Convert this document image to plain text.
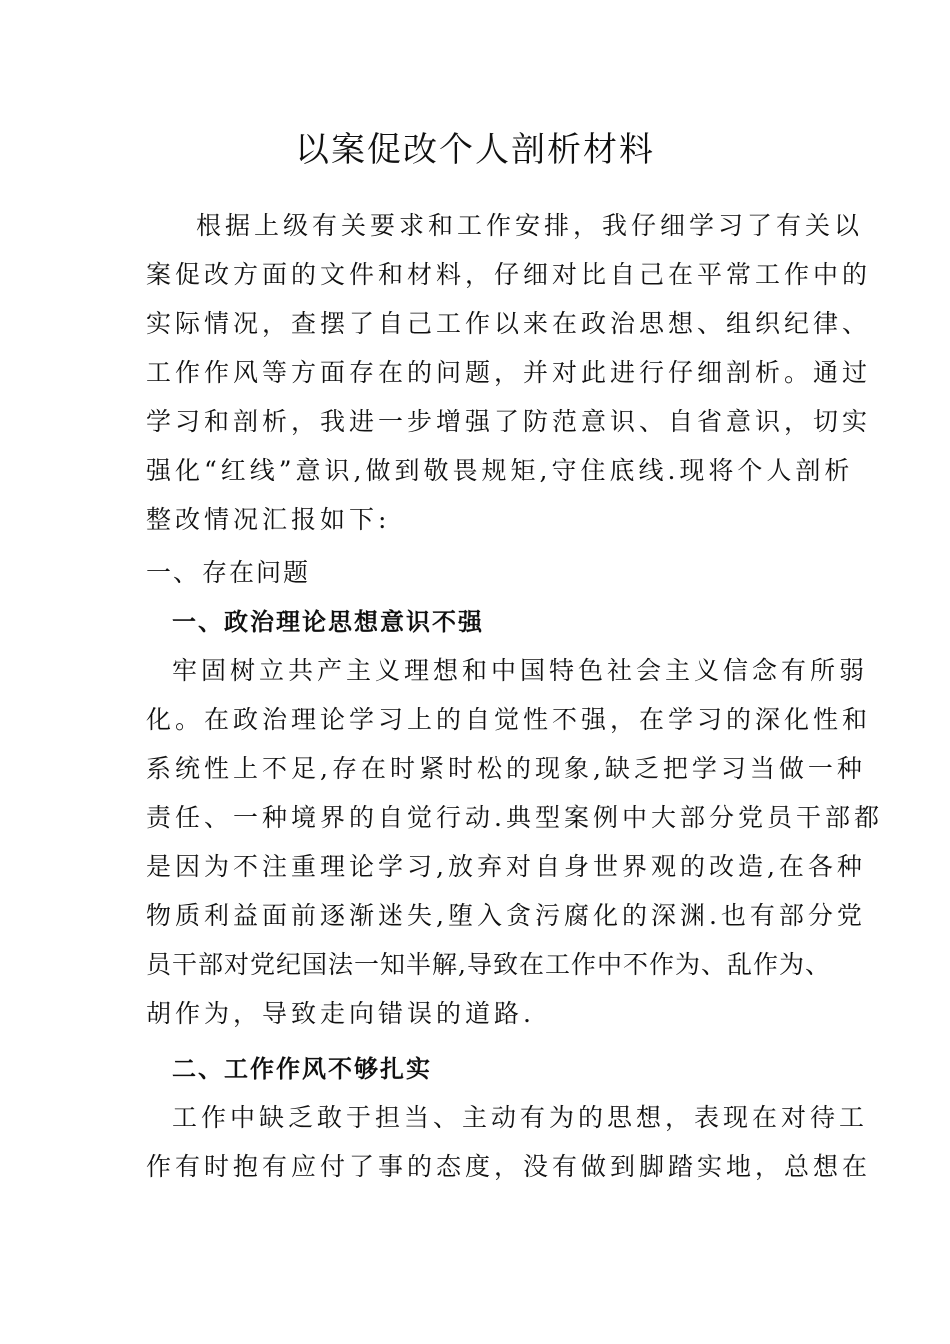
以案促改个人剖析材料
根据上级有关要求和工作安排，我仔细学习了有关以
案促改方面的文件和材料，仔细对比自己在平常工作中的
实际情况，查摆了自己工作以来在政治思想、组织纪律、
工作作风等方面存在的问题，并对此进行仔细剖析。通过
学习和剖析，我进一步增强了防范意识、自省意识，切实
强化“红线”意识,做到敬畏规矩,守住底线.现将个人剖析
整改情况汇报如下:
一、存在问题
一、政治理论思想意识不强
牢固树立共产主义理想和中国特色社会主义信念有所弱
化。在政治理论学习上的自觉性不强，在学习的深化性和
系统性上不足,存在时紧时松的现象,缺乏把学习当做一种
责任、一种境界的自觉行动.典型案例中大部分党员干部都
是因为不注重理论学习,放弃对自身世界观的改造,在各种
物质利益面前逐渐迷失,堕入贪污腐化的深渊.也有部分党
员干部对党纪国法一知半解,导致在工作中不作为、乱作为、
胡作为，导致走向错误的道路.
二、工作作风不够扎实
工作中缺乏敢于担当、主动有为的思想，表现在对待工
作有时抱有应付了事的态度，没有做到脚踏实地，总想在
